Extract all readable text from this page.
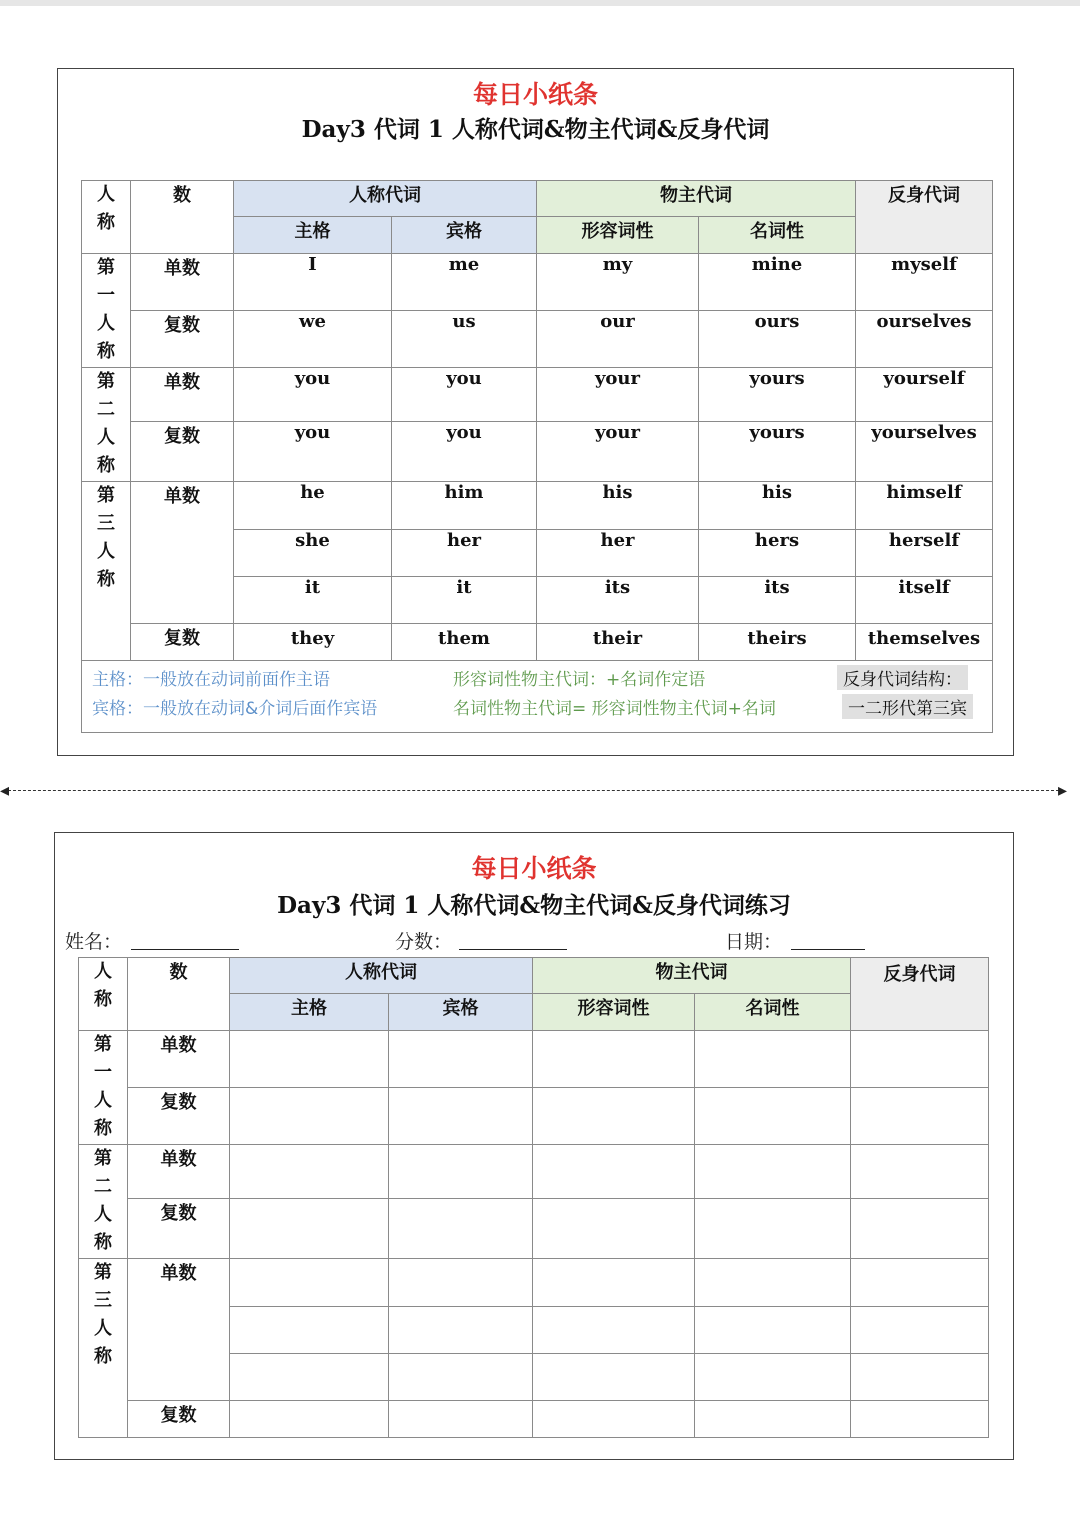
每日小纸条
Day3 代词 1 人称代词&物主代词&反身代词
人
称	数	人称代词		物主代词		反身代词
		主格	宾格	形容词性	名词性	

第
一
人
称	单数	I	me	my	mine	myself
	复数	we	us	our	ours	ourselves

第
二
人
称	单数	you	you	your	yours	yourself
	复数	you	you	your	yours	yourselves

第
三
人
称	单数	he	him	his	his	himself
		she	her	her	hers	herself
		it	it	its	its	itself
	复数	they	them	their	theirs	themselves

主格：一般放在动词前面作主语
宾格：一般放在动词&介词后面作宾语
形容词性物主代词：+名词作定语
名词性物主代词= 形容词性物主代词+名词
反身代词结构：
一二形代第三宾
◂	▸
每日小纸条
Day3 代词 1 人称代词&物主代词&反身代词练习
姓名：	分数：	日期：
人
称	数	人称代词		物主代词		反身代词
		主格	宾格	形容词性	名词性	

第
一
人
称	单数					
	复数					

第
二
人
称	单数					
	复数					

第
三
人
称	单数					

	复数					
